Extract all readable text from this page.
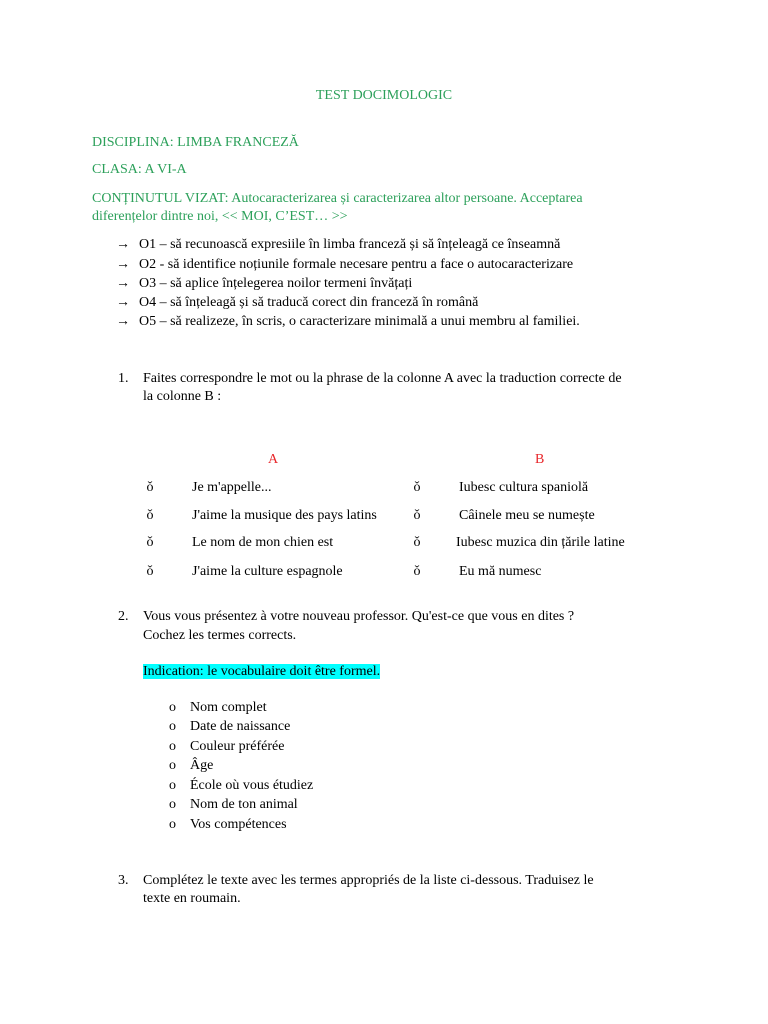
TEST DOCIMOLOGIC
DISCIPLINA: LIMBA FRANCEZĂ
CLASA: A VI-A
CONȚINUTUL VIZAT: Autocaracterizarea și caracterizarea altor persoane. Acceptarea
diferențelor dintre noi, << MOI, C’EST… >>
→ O1 – să recunoască expresiile în limba franceză și să înțeleagă ce înseamnă
→ O2 - să identifice noțiunile formale necesare pentru a face o autocaracterizare
→ O3 – să aplice înțelegerea noilor termeni învățați
→ O4 – să înțeleagă și să traducă corect din franceză în română
→ O5 – să realizeze, în scris, o caracterizare minimală a unui membru al familiei.
1. Faites correspondre le mot ou la phrase de la colonne A avec la traduction correcte de
la colonne B :
A	B
ǒ	Je m'appelle...	ǒ	Iubesc cultura spaniolă
ǒ	J'aime la musique des pays latins	ǒ	Câinele meu se numește
ǒ	Le nom de mon chien est	ǒ	Iubesc muzica din țările latine
ǒ	J'aime la culture espagnole	ǒ	Eu mă numesc
2. Vous vous présentez à votre nouveau professor. Qu'est-ce que vous en dites ?
Cochez les termes corrects.
Indication: le vocabulaire doit être formel.
o Nom complet
o Date de naissance
o Couleur préférée
o Âge
o École où vous étudiez
o Nom de ton animal
o Vos compétences
3. Complétez le texte avec les termes appropriés de la liste ci-dessous. Traduisez le
texte en roumain.
